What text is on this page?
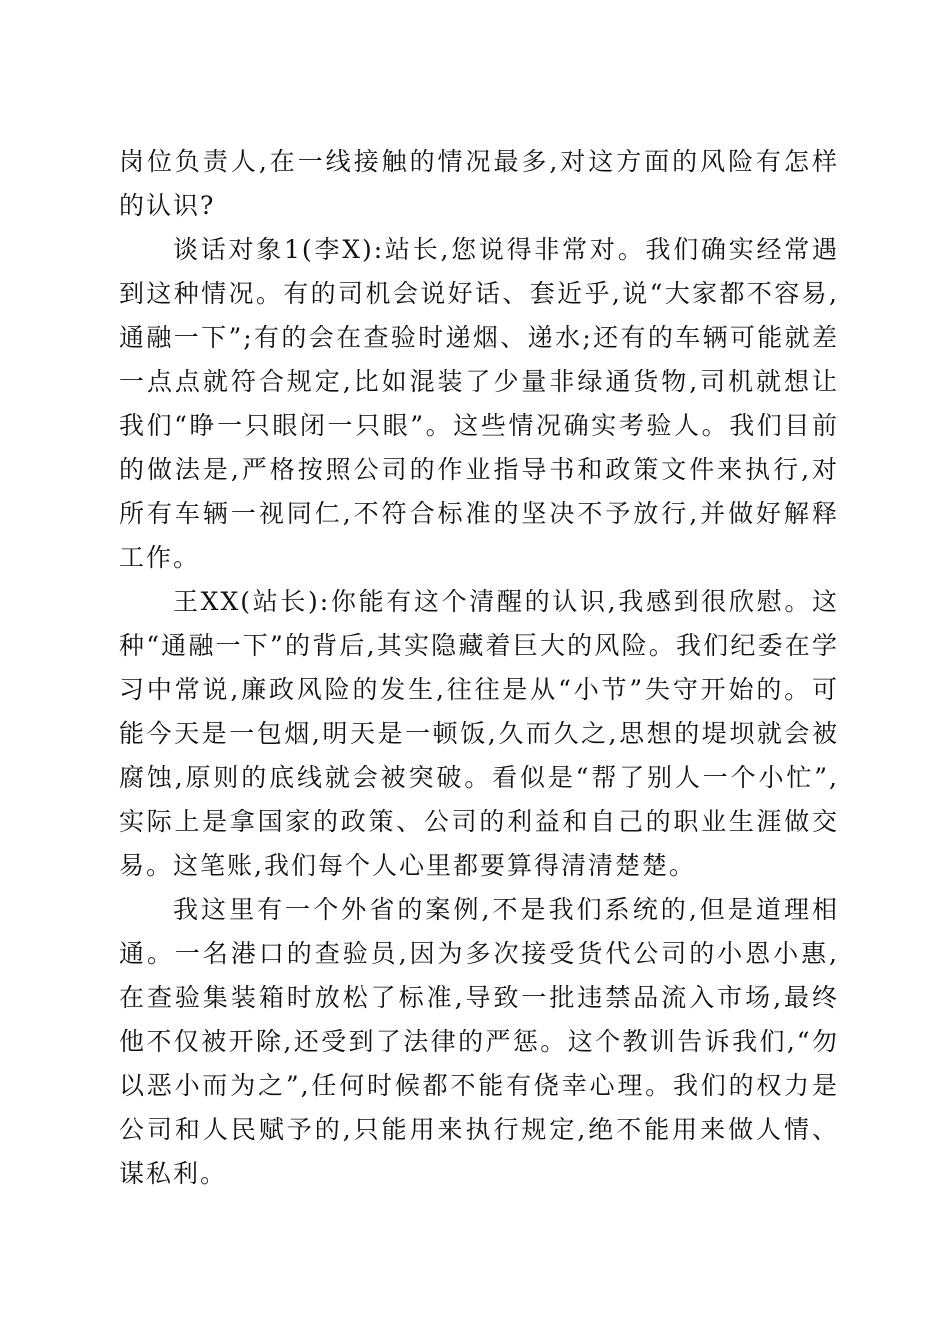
岗位负责人,在一线接触的情况最多,对这方面的风险有怎样的认识?

谈话对象1(李X):站长,您说得非常对。我们确实经常遇到这种情况。有的司机会说好话、套近乎,说“大家都不容易,通融一下”;有的会在查验时递烟、递水;还有的车辆可能就差一点点就符合规定,比如混装了少量非绿通货物,司机就想让我们“睁一只眼闭一只眼”。这些情况确实考验人。我们目前的做法是,严格按照公司的作业指导书和政策文件来执行,对所有车辆一视同仁,不符合标准的坚决不予放行,并做好解释工作。

王XX(站长):你能有这个清醒的认识,我感到很欣慰。这种“通融一下”的背后,其实隐藏着巨大的风险。我们纪委在学习中常说,廉政风险的发生,往往是从“小节”失守开始的。可能今天是一包烟,明天是一顿饭,久而久之,思想的堤坝就会被腐蚀,原则的底线就会被突破。看似是“帮了别人一个小忙”,实际上是拿国家的政策、公司的利益和自己的职业生涯做交易。这笔账,我们每个人心里都要算得清清楚楚。

我这里有一个外省的案例,不是我们系统的,但是道理相通。一名港口的查验员,因为多次接受货代公司的小恩小惠,在查验集装箱时放松了标准,导致一批违禁品流入市场,最终他不仅被开除,还受到了法律的严惩。这个教训告诉我们,“勿以恶小而为之”,任何时候都不能有侥幸心理。我们的权力是公司和人民赋予的,只能用来执行规定,绝不能用来做人情、谋私利。
